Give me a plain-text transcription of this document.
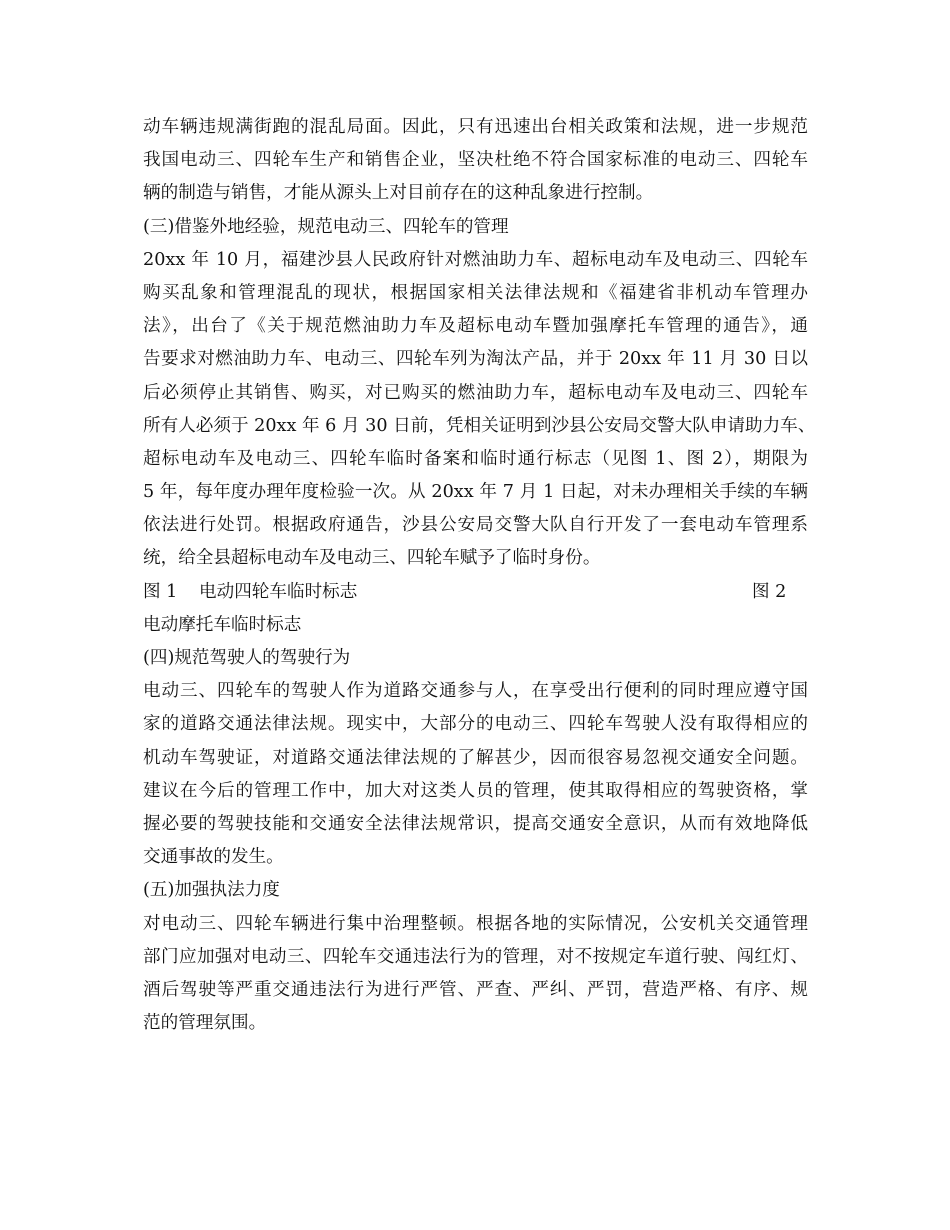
动车辆违规满街跑的混乱局面。因此，只有迅速出台相关政策和法规，进一步规范
我国电动三、四轮车生产和销售企业，坚决杜绝不符合国家标准的电动三、四轮车
辆的制造与销售，才能从源头上对目前存在的这种乱象进行控制。
(三)借鉴外地经验，规范电动三、四轮车的管理
20xx 年 10 月，福建沙县人民政府针对燃油助力车、超标电动车及电动三、四轮车
购买乱象和管理混乱的现状，根据国家相关法律法规和《福建省非机动车管理办
法》，出台了《关于规范燃油助力车及超标电动车暨加强摩托车管理的通告》，通
告要求对燃油助力车、电动三、四轮车列为淘汰产品，并于 20xx 年 11 月 30 日以
后必须停止其销售、购买，对已购买的燃油助力车，超标电动车及电动三、四轮车
所有人必须于 20xx 年 6 月 30 日前，凭相关证明到沙县公安局交警大队申请助力车、
超标电动车及电动三、四轮车临时备案和临时通行标志（见图 1、图 2），期限为
5 年，每年度办理年度检验一次。从 20xx 年 7 月 1 日起，对未办理相关手续的车辆
依法进行处罚。根据政府通告，沙县公安局交警大队自行开发了一套电动车管理系
统，给全县超标电动车及电动三、四轮车赋予了临时身份。
图 1 电动四轮车临时标志	图 2
电动摩托车临时标志
(四)规范驾驶人的驾驶行为
电动三、四轮车的驾驶人作为道路交通参与人，在享受出行便利的同时理应遵守国
家的道路交通法律法规。现实中，大部分的电动三、四轮车驾驶人没有取得相应的
机动车驾驶证，对道路交通法律法规的了解甚少，因而很容易忽视交通安全问题。
建议在今后的管理工作中，加大对这类人员的管理，使其取得相应的驾驶资格，掌
握必要的驾驶技能和交通安全法律法规常识，提高交通安全意识，从而有效地降低
交通事故的发生。
(五)加强执法力度
对电动三、四轮车辆进行集中治理整顿。根据各地的实际情况，公安机关交通管理
部门应加强对电动三、四轮车交通违法行为的管理，对不按规定车道行驶、闯红灯、
酒后驾驶等严重交通违法行为进行严管、严查、严纠、严罚，营造严格、有序、规
范的管理氛围。
